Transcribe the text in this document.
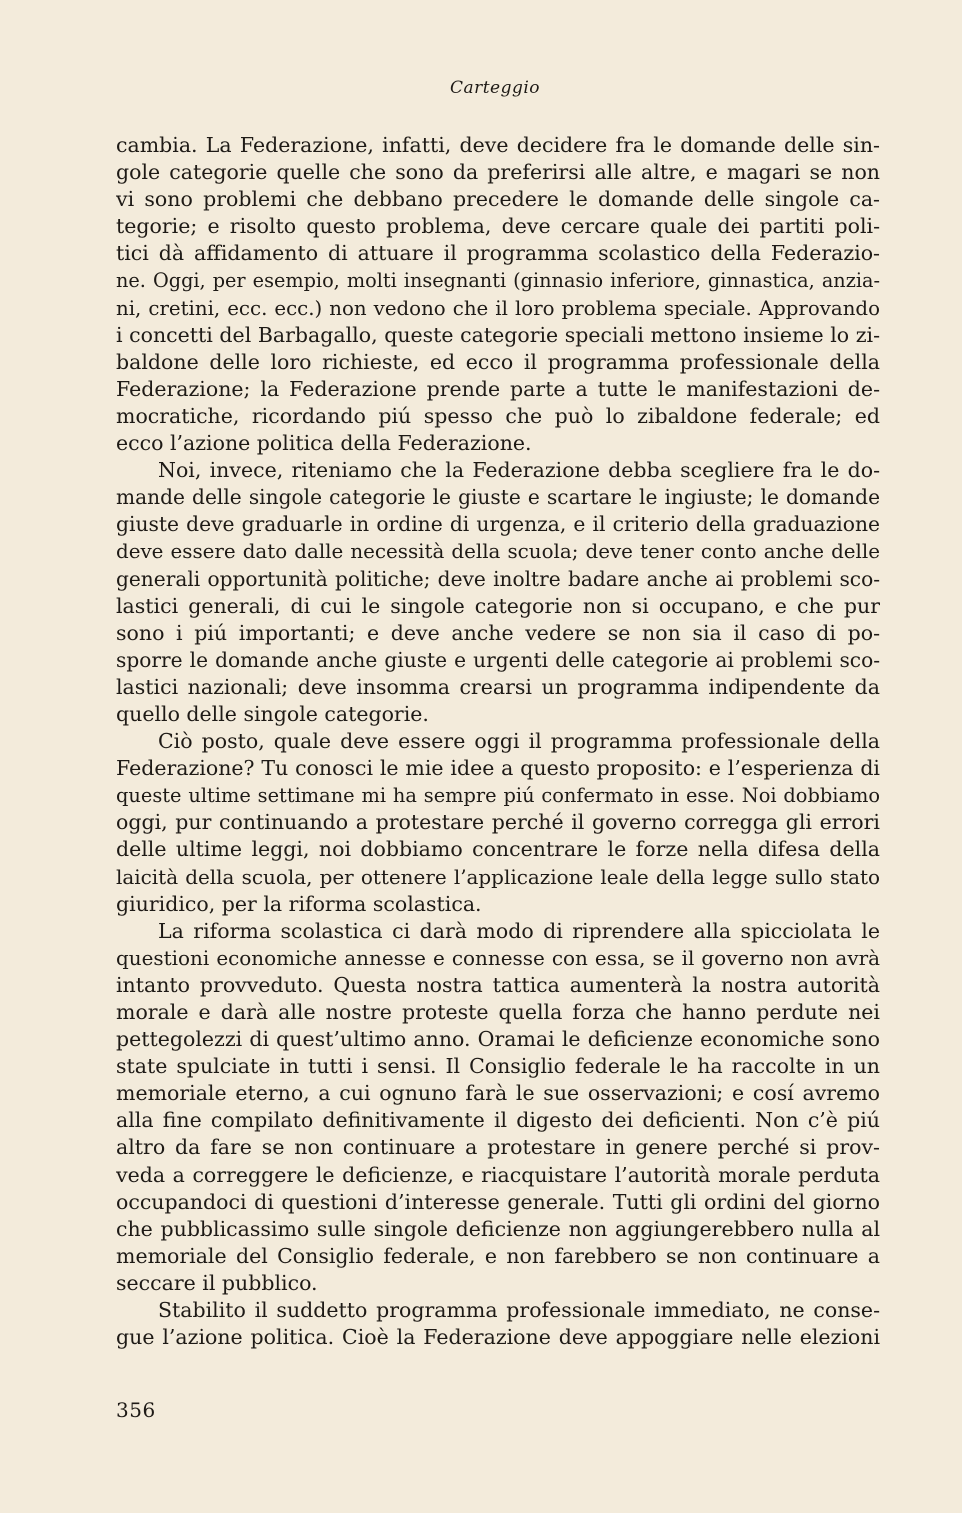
Carteggio
cambia. La Federazione, infatti, deve decidere fra le domande delle sin-
gole categorie quelle che sono da preferirsi alle altre, e magari se non
vi sono problemi che debbano precedere le domande delle singole ca-
tegorie; e risolto questo problema, deve cercare quale dei partiti poli-
tici dà affidamento di attuare il programma scolastico della Federazio-
ne. Oggi, per esempio, molti insegnanti (ginnasio inferiore, ginnastica, anzia-
ni, cretini, ecc. ecc.) non vedono che il loro problema speciale. Approvando
i concetti del Barbagallo, queste categorie speciali mettono insieme lo zi-
baldone delle loro richieste, ed ecco il programma professionale della
Federazione; la Federazione prende parte a tutte le manifestazioni de-
mocratiche, ricordando piú spesso che può lo zibaldone federale; ed
ecco l’azione politica della Federazione.
Noi, invece, riteniamo che la Federazione debba scegliere fra le do-
mande delle singole categorie le giuste e scartare le ingiuste; le domande
giuste deve graduarle in ordine di urgenza, e il criterio della graduazione
deve essere dato dalle necessità della scuola; deve tener conto anche delle
generali opportunità politiche; deve inoltre badare anche ai problemi sco-
lastici generali, di cui le singole categorie non si occupano, e che pur
sono i piú importanti; e deve anche vedere se non sia il caso di po-
sporre le domande anche giuste e urgenti delle categorie ai problemi sco-
lastici nazionali; deve insomma crearsi un programma indipendente da
quello delle singole categorie.
Ciò posto, quale deve essere oggi il programma professionale della
Federazione? Tu conosci le mie idee a questo proposito: e l’esperienza di
queste ultime settimane mi ha sempre piú confermato in esse. Noi dobbiamo
oggi, pur continuando a protestare perché il governo corregga gli errori
delle ultime leggi, noi dobbiamo concentrare le forze nella difesa della
laicità della scuola, per ottenere l’applicazione leale della legge sullo stato
giuridico, per la riforma scolastica.
La riforma scolastica ci darà modo di riprendere alla spicciolata le
questioni economiche annesse e connesse con essa, se il governo non avrà
intanto provveduto. Questa nostra tattica aumenterà la nostra autorità
morale e darà alle nostre proteste quella forza che hanno perdute nei
pettegolezzi di quest’ultimo anno. Oramai le deficienze economiche sono
state spulciate in tutti i sensi. Il Consiglio federale le ha raccolte in un
memoriale eterno, a cui ognuno farà le sue osservazioni; e cosí avremo
alla fine compilato definitivamente il digesto dei deficienti. Non c’è piú
altro da fare se non continuare a protestare in genere perché si prov-
veda a correggere le deficienze, e riacquistare l’autorità morale perduta
occupandoci di questioni d’interesse generale. Tutti gli ordini del giorno
che pubblicassimo sulle singole deficienze non aggiungerebbero nulla al
memoriale del Consiglio federale, e non farebbero se non continuare a
seccare il pubblico.
Stabilito il suddetto programma professionale immediato, ne conse-
gue l’azione politica. Cioè la Federazione deve appoggiare nelle elezioni
356
